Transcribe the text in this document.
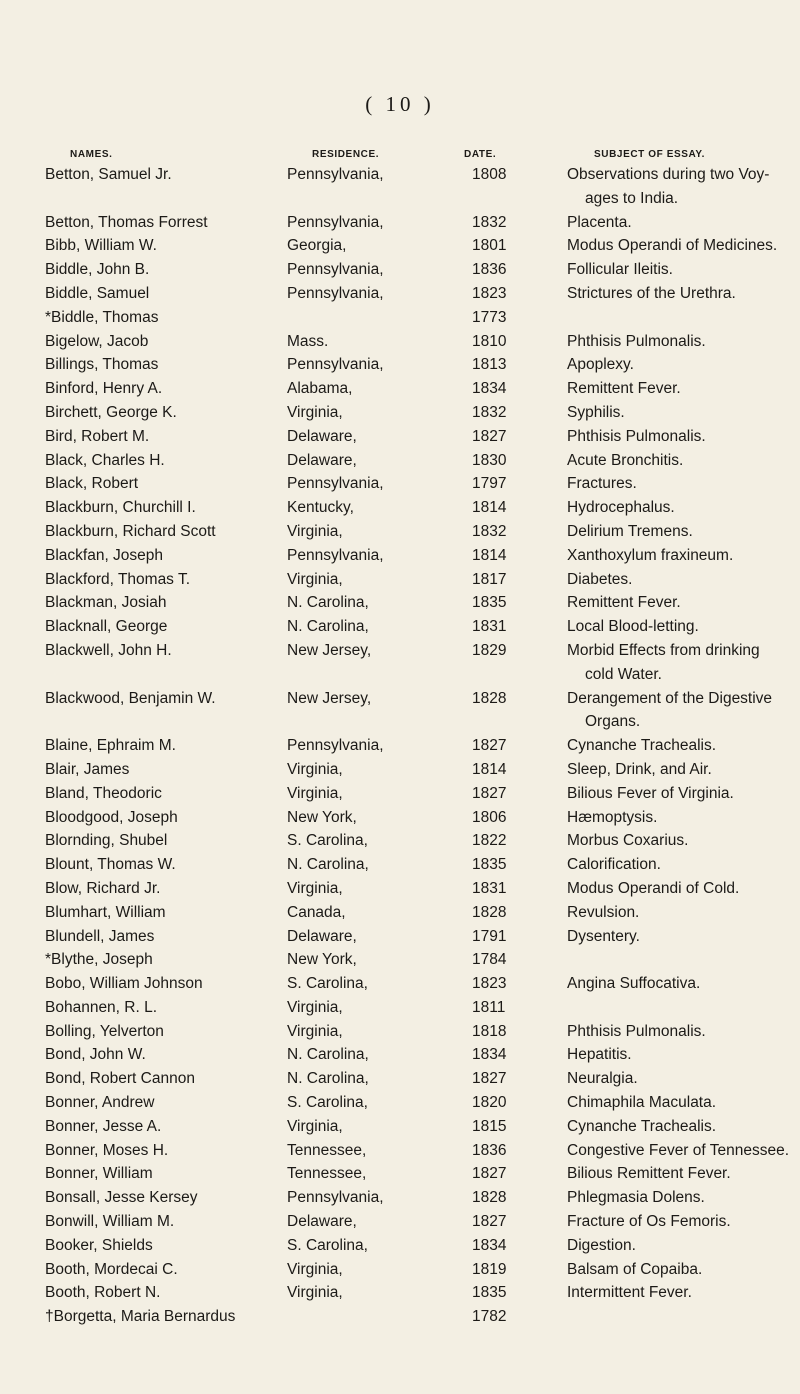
( 10 )
NAMES.	RESIDENCE.	DATE.	SUBJECT OF ESSAY.
Betton, Samuel Jr.	Pennsylvania,	1808	Observations during two Voy-
ages to India.
Betton, Thomas Forrest	Pennsylvania,	1832	Placenta.
Bibb, William W.	Georgia,	1801	Modus Operandi of Medicines.
Biddle, John B.	Pennsylvania,	1836	Follicular Ileitis.
Biddle, Samuel	Pennsylvania,	1823	Strictures of the Urethra.
*Biddle, Thomas	1773
Bigelow, Jacob	Mass.	1810	Phthisis Pulmonalis.
Billings, Thomas	Pennsylvania,	1813	Apoplexy.
Binford, Henry A.	Alabama,	1834	Remittent Fever.
Birchett, George K.	Virginia,	1832	Syphilis.
Bird, Robert M.	Delaware,	1827	Phthisis Pulmonalis.
Black, Charles H.	Delaware,	1830	Acute Bronchitis.
Black, Robert	Pennsylvania,	1797	Fractures.
Blackburn, Churchill I.	Kentucky,	1814	Hydrocephalus.
Blackburn, Richard Scott	Virginia,	1832	Delirium Tremens.
Blackfan, Joseph	Pennsylvania,	1814	Xanthoxylum fraxineum.
Blackford, Thomas T.	Virginia,	1817	Diabetes.
Blackman, Josiah	N. Carolina,	1835	Remittent Fever.
Blacknall, George	N. Carolina,	1831	Local Blood-letting.
Blackwell, John H.	New Jersey,	1829	Morbid Effects from drinking
cold Water.
Blackwood, Benjamin W.	New Jersey,	1828	Derangement of the Digestive
Organs.
Blaine, Ephraim M.	Pennsylvania,	1827	Cynanche Trachealis.
Blair, James	Virginia,	1814	Sleep, Drink, and Air.
Bland, Theodoric	Virginia,	1827	Bilious Fever of Virginia.
Bloodgood, Joseph	New York,	1806	Hæmoptysis.
Blornding, Shubel	S. Carolina,	1822	Morbus Coxarius.
Blount, Thomas W.	N. Carolina,	1835	Calorification.
Blow, Richard Jr.	Virginia,	1831	Modus Operandi of Cold.
Blumhart, William	Canada,	1828	Revulsion.
Blundell, James	Delaware,	1791	Dysentery.
*Blythe, Joseph	New York,	1784
Bobo, William Johnson	S. Carolina,	1823	Angina Suffocativa.
Bohannen, R. L.	Virginia,	1811
Bolling, Yelverton	Virginia,	1818	Phthisis Pulmonalis.
Bond, John W.	N. Carolina,	1834	Hepatitis.
Bond, Robert Cannon	N. Carolina,	1827	Neuralgia.
Bonner, Andrew	S. Carolina,	1820	Chimaphila Maculata.
Bonner, Jesse A.	Virginia,	1815	Cynanche Trachealis.
Bonner, Moses H.	Tennessee,	1836	Congestive Fever of Tennessee.
Bonner, William	Tennessee,	1827	Bilious Remittent Fever.
Bonsall, Jesse Kersey	Pennsylvania,	1828	Phlegmasia Dolens.
Bonwill, William M.	Delaware,	1827	Fracture of Os Femoris.
Booker, Shields	S. Carolina,	1834	Digestion.
Booth, Mordecai C.	Virginia,	1819	Balsam of Copaiba.
Booth, Robert N.	Virginia,	1835	Intermittent Fever.
†Borgetta, Maria Bernardus	1782
